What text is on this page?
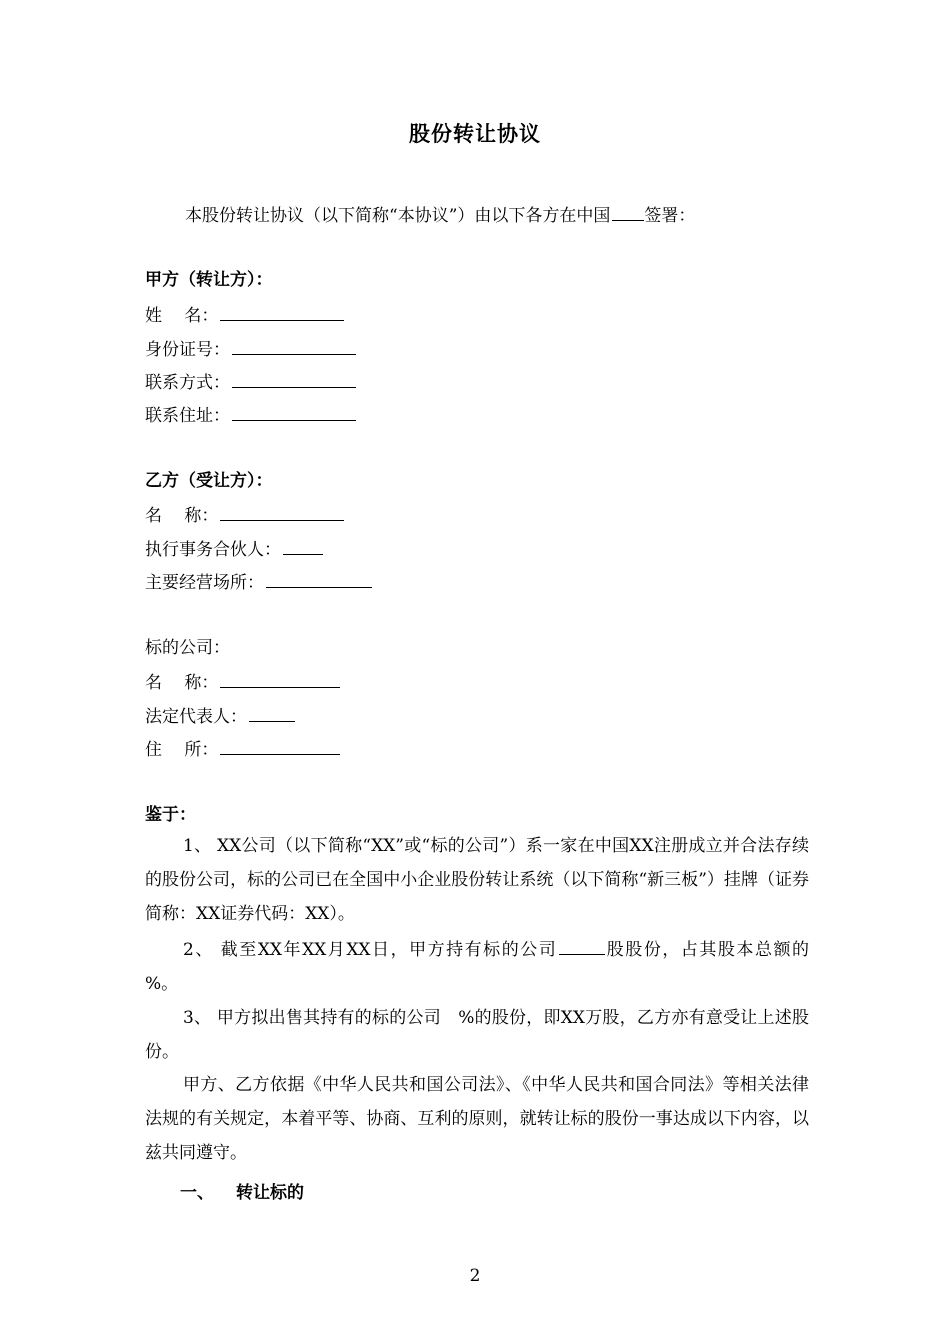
股份转让协议
本股份转让协议（以下简称“本协议”）由以下各方在中国 签署：
甲方（转让方）：
姓　 名：
身份证号：
联系方式：
联系住址：
乙方（受让方）：
名　 称：
执行事务合伙人：
主要经营场所：
标的公司：
名　 称：
法定代表人：
住　 所：
鉴于：
1、 XX公司（以下简称“XX”或“标的公司”）系一家在中国XX注册成立并合法存续的股份公司，标的公司已在全国中小企业股份转让系统（以下简称“新三板”）挂牌（证券简称：XX证券代码：XX）。
2、 截至XX年XX月XX日，甲方持有标的公司	股股份，占其股本总额的　%。
3、 甲方拟出售其持有的标的公司　%的股份，即XX万股，乙方亦有意受让上述股份。
甲方、乙方依据《中华人民共和国公司法》、《中华人民共和国合同法》等相关法律法规的有关规定，本着平等、协商、互利的原则，就转让标的股份一事达成以下内容，以兹共同遵守。
一、 转让标的
2
